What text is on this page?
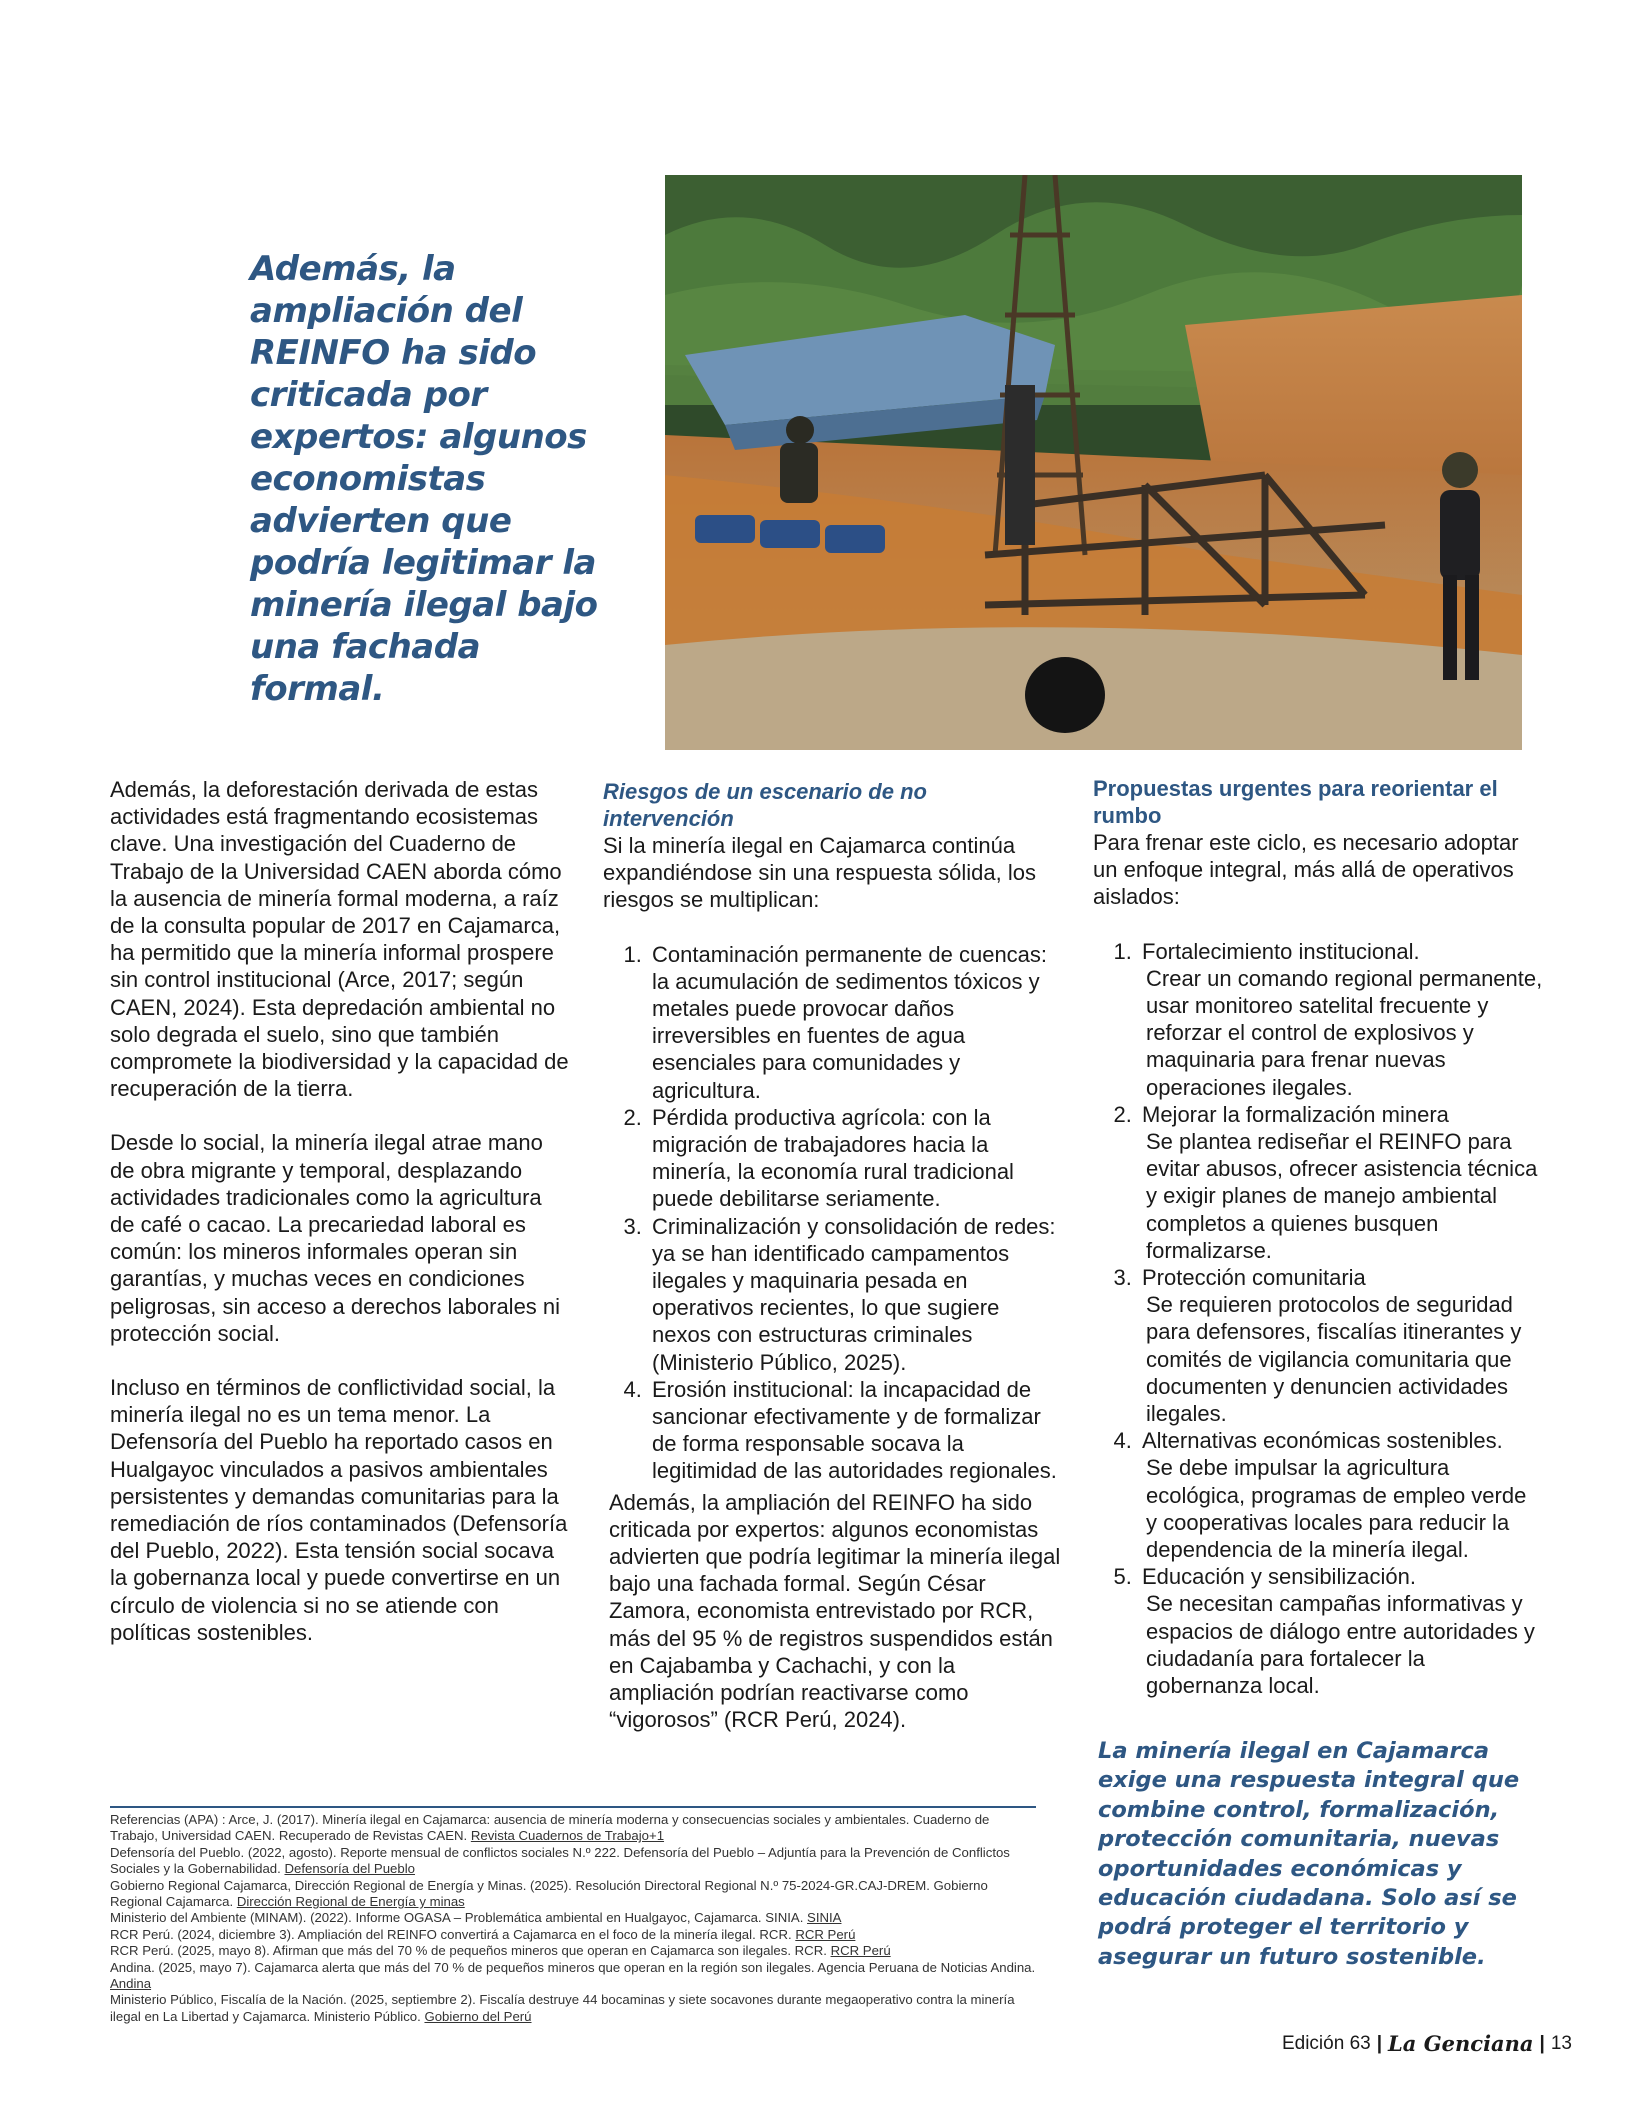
Además, la ampliación del REINFO ha sido criticada por expertos: algunos economistas advierten que podría legitimar la minería ilegal bajo una fachada formal.

Además, la deforestación derivada de estas actividades está fragmentando ecosistemas clave. Una investigación del Cuaderno de Trabajo de la Universidad CAEN aborda cómo la ausencia de minería formal moderna, a raíz de la consulta popular de 2017 en Cajamarca, ha permitido que la minería informal prospere sin control institucional (Arce, 2017; según CAEN, 2024). Esta depredación ambiental no solo degrada el suelo, sino que también compromete la biodiversidad y la capacidad de recuperación de la tierra.

Desde lo social, la minería ilegal atrae mano de obra migrante y temporal, desplazando actividades tradicionales como la agricultura de café o cacao. La precariedad laboral es común: los mineros informales operan sin garantías, y muchas veces en condiciones peligrosas, sin acceso a derechos laborales ni protección social.

Incluso en términos de conflictividad social, la minería ilegal no es un tema menor. La Defensoría del Pueblo ha reportado casos en Hualgayoc vinculados a pasivos ambientales persistentes y demandas comunitarias para la remediación de ríos contaminados (Defensoría del Pueblo, 2022). Esta tensión social socava la gobernanza local y puede convertirse en un círculo de violencia si no se atiende con políticas sostenibles.

Riesgos de un escenario de no intervención
Si la minería ilegal en Cajamarca continúa expandiéndose sin una respuesta sólida, los riesgos se multiplican:
1. Contaminación permanente de cuencas: la acumulación de sedimentos tóxicos y metales puede provocar daños irreversibles en fuentes de agua esenciales para comunidades y agricultura.
2. Pérdida productiva agrícola: con la migración de trabajadores hacia la minería, la economía rural tradicional puede debilitarse seriamente.
3. Criminalización y consolidación de redes: ya se han identificado campamentos ilegales y maquinaria pesada en operativos recientes, lo que sugiere nexos con estructuras criminales (Ministerio Público, 2025).
4. Erosión institucional: la incapacidad de sancionar efectivamente y de formalizar de forma responsable socava la legitimidad de las autoridades regionales.
Además, la ampliación del REINFO ha sido criticada por expertos: algunos economistas advierten que podría legitimar la minería ilegal bajo una fachada formal. Según César Zamora, economista entrevistado por RCR, más del 95 % de registros suspendidos están en Cajabamba y Cachachi, y con la ampliación podrían reactivarse como “vigorosos” (RCR Perú, 2024).
Propuestas urgentes para reorientar el rumbo
Para frenar este ciclo, es necesario adoptar un enfoque integral, más allá de operativos aislados:
1. Fortalecimiento institucional.
Crear un comando regional permanente, usar monitoreo satelital frecuente y reforzar el control de explosivos y maquinaria para frenar nuevas operaciones ilegales.
2. Mejorar la formalización minera
Se plantea rediseñar el REINFO para evitar abusos, ofrecer asistencia técnica y exigir planes de manejo ambiental completos a quienes busquen formalizarse.
3. Protección comunitaria
Se requieren protocolos de seguridad para defensores, fiscalías itinerantes y comités de vigilancia comunitaria que documenten y denuncien actividades ilegales.
4. Alternativas económicas sostenibles.
Se debe impulsar la agricultura ecológica, programas de empleo verde y cooperativas locales para reducir la dependencia de la minería ilegal.
5. Educación y sensibilización.
Se necesitan campañas informativas y espacios de diálogo entre autoridades y ciudadanía para fortalecer la gobernanza local.
La minería ilegal en Cajamarca exige una respuesta integral que combine control, formalización, protección comunitaria, nuevas oportunidades económicas y educación ciudadana. Solo así se podrá proteger el territorio y asegurar un futuro sostenible.
Referencias (APA) : Arce, J. (2017). Minería ilegal en Cajamarca: ausencia de minería moderna y consecuencias sociales y ambientales. Cuaderno de Trabajo, Universidad CAEN. Recuperado de Revistas CAEN. Revista Cuadernos de Trabajo+1
Defensoría del Pueblo. (2022, agosto). Reporte mensual de conflictos sociales N.º 222. Defensoría del Pueblo – Adjuntía para la Prevención de Conflictos Sociales y la Gobernabilidad. Defensoría del Pueblo
Gobierno Regional Cajamarca, Dirección Regional de Energía y Minas. (2025). Resolución Directoral Regional N.º 75-2024-GR.CAJ-DREM. Gobierno Regional Cajamarca. Dirección Regional de Energía y minas
Ministerio del Ambiente (MINAM). (2022). Informe OGASA – Problemática ambiental en Hualgayoc, Cajamarca. SINIA. SINIA
RCR Perú. (2024, diciembre 3). Ampliación del REINFO convertirá a Cajamarca en el foco de la minería ilegal. RCR. RCR Perú
RCR Perú. (2025, mayo 8). Afirman que más del 70 % de pequeños mineros que operan en Cajamarca son ilegales. RCR. RCR Perú
Andina. (2025, mayo 7). Cajamarca alerta que más del 70 % de pequeños mineros que operan en la región son ilegales. Agencia Peruana de Noticias Andina. Andina
Ministerio Público, Fiscalía de la Nación. (2025, septiembre 2). Fiscalía destruye 44 bocaminas y siete socavones durante megaoperativo contra la minería ilegal en La Libertad y Cajamarca. Ministerio Público. Gobierno del Perú
Edición 63 | La Genciana | 13
